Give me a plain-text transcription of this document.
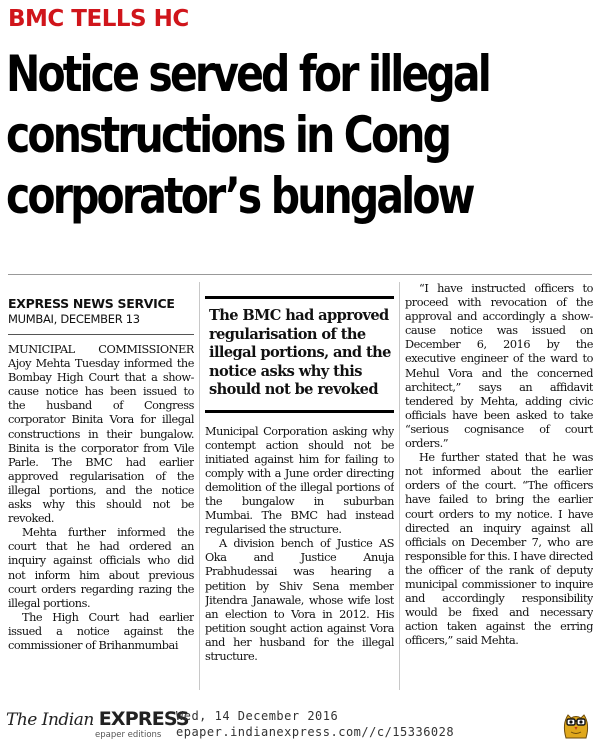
BMC TELLS HC
Notice served for illegal
constructions in Cong
corporator’s bungalow
EXPRESS NEWS SERVICE
MUMBAI, DECEMBER 13

MUNICIPAL COMMISSIONER Ajoy Mehta Tuesday informed the Bombay High Court that a show-cause notice has been issued to the husband of Congress corporator Binita Vora for illegal constructions in their bungalow. Binita is the corporator from Vile Parle. The BMC had earlier approved regularisation of the illegal portions, and the notice asks why this should not be revoked.

Mehta further informed the court that he had ordered an inquiry against officials who did not inform him about previous court orders regarding razing the illegal portions.

The High Court had earlier issued a notice against the commissioner of Brihanmumbai

The BMC had approved regularisation of the illegal portions, and the notice asks why this should not be revoked

Municipal Corporation asking why contempt action should not be initiated against him for failing to comply with a June order directing demolition of the illegal portions of the bungalow in suburban Mumbai. The BMC had instead regularised the structure.

A division bench of Justice AS Oka and Justice Anuja Prabhudessai was hearing a petition by Shiv Sena member Jitendra Janawale, whose wife lost an election to Vora in 2012. His petition sought action against Vora and her husband for the illegal structure.

“I have instructed officers to proceed with revocation of the approval and accordingly a show-cause notice was issued on December 6, 2016 by the executive engineer of the ward to Mehul Vora and the concerned architect,” says an affidavit tendered by Mehta, adding civic officials have been asked to take “serious cognisance of court orders.”

He further stated that he was not informed about the earlier orders of the court. “The officers have failed to bring the earlier court orders to my notice. I have directed an inquiry against all officials on December 7, who are responsible for this. I have directed the officer of the rank of deputy municipal commissioner to inquire and accordingly responsibility would be fixed and necessary action taken against the erring officers,” said Mehta.

The Indian EXPRESS
epaper editions
Wed, 14 December 2016
epaper.indianexpress.com//c/15336028
